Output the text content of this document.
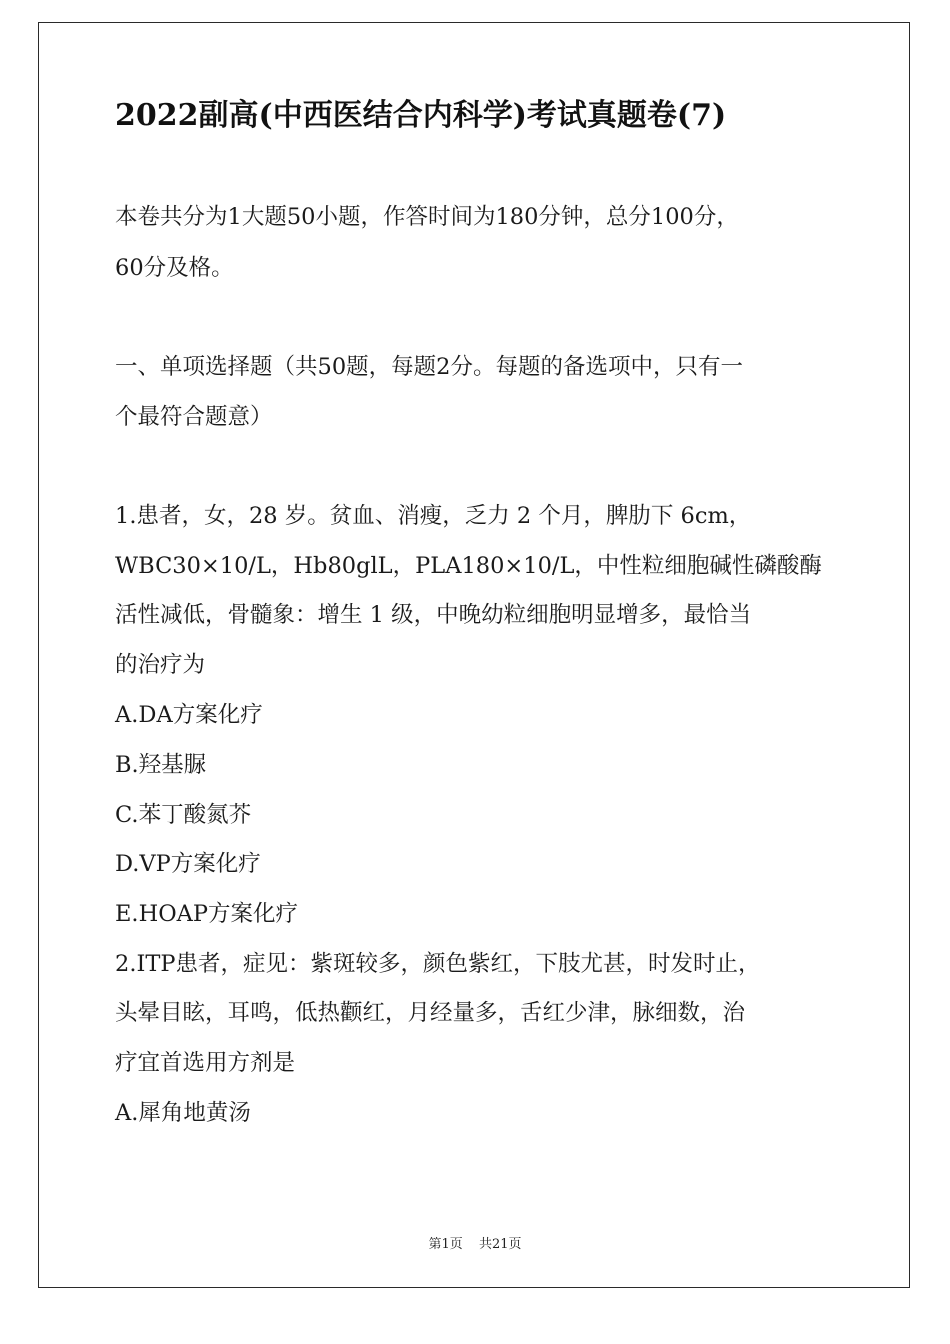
2022副高(中西医结合内科学)考试真题卷(7)
本卷共分为1大题50小题，作答时间为180分钟，总分100分，
60分及格。
一、单项选择题（共50题，每题2分。每题的备选项中，只有一
个最符合题意）
1.患者，女，28 岁。贫血、消瘦，乏力 2 个月，脾肋下 6cm，
WBC30×10/L，Hb80glL，PLA180×10/L，中性粒细胞碱性磷酸酶
活性减低，骨髓象：增生 1 级，中晚幼粒细胞明显增多，最恰当
的治疗为
A.DA方案化疗
B.羟基脲
C.苯丁酸氮芥
D.VP方案化疗
E.HOAP方案化疗
2.ITP患者，症见：紫斑较多，颜色紫红，下肢尤甚，时发时止，
头晕目眩，耳鸣，低热颧红，月经量多，舌红少津，脉细数，治
疗宜首选用方剂是
A.犀角地黄汤
第1页 共21页
